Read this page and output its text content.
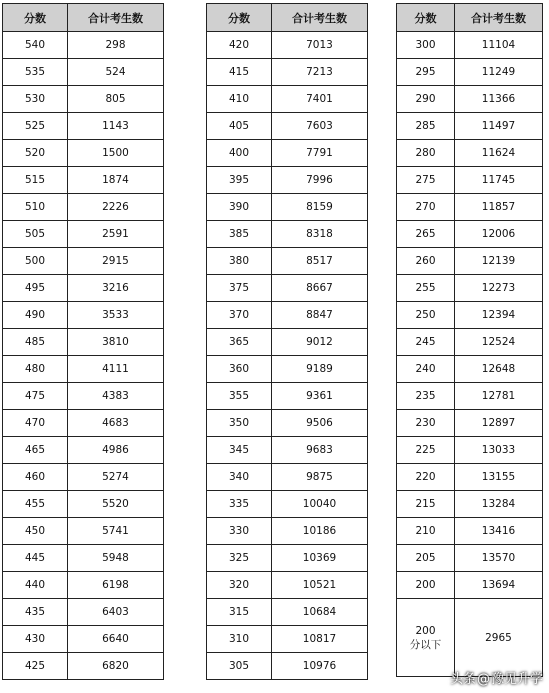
分数	合计考生数
540	298
535	524
530	805
525	1143
520	1500
515	1874
510	2226
505	2591
500	2915
495	3216
490	3533
485	3810
480	4111
475	4383
470	4683
465	4986
460	5274
455	5520
450	5741
445	5948
440	6198
435	6403
430	6640
425	6820
分数	合计考生数
420	7013
415	7213
410	7401
405	7603
400	7791
395	7996
390	8159
385	8318
380	8517
375	8667
370	8847
365	9012
360	9189
355	9361
350	9506
345	9683
340	9875
335	10040
330	10186
325	10369
320	10521
315	10684
310	10817
305	10976
分数	合计考生数
300	11104
295	11249
290	11366
285	11497
280	11624
275	11745
270	11857
265	12006
260	12139
255	12273
250	12394
245	12524
240	12648
235	12781
230	12897
225	13033
220	13155
215	13284
210	13416
205	13570
200	13694
200
分以下	2965
头条@豫见升学
